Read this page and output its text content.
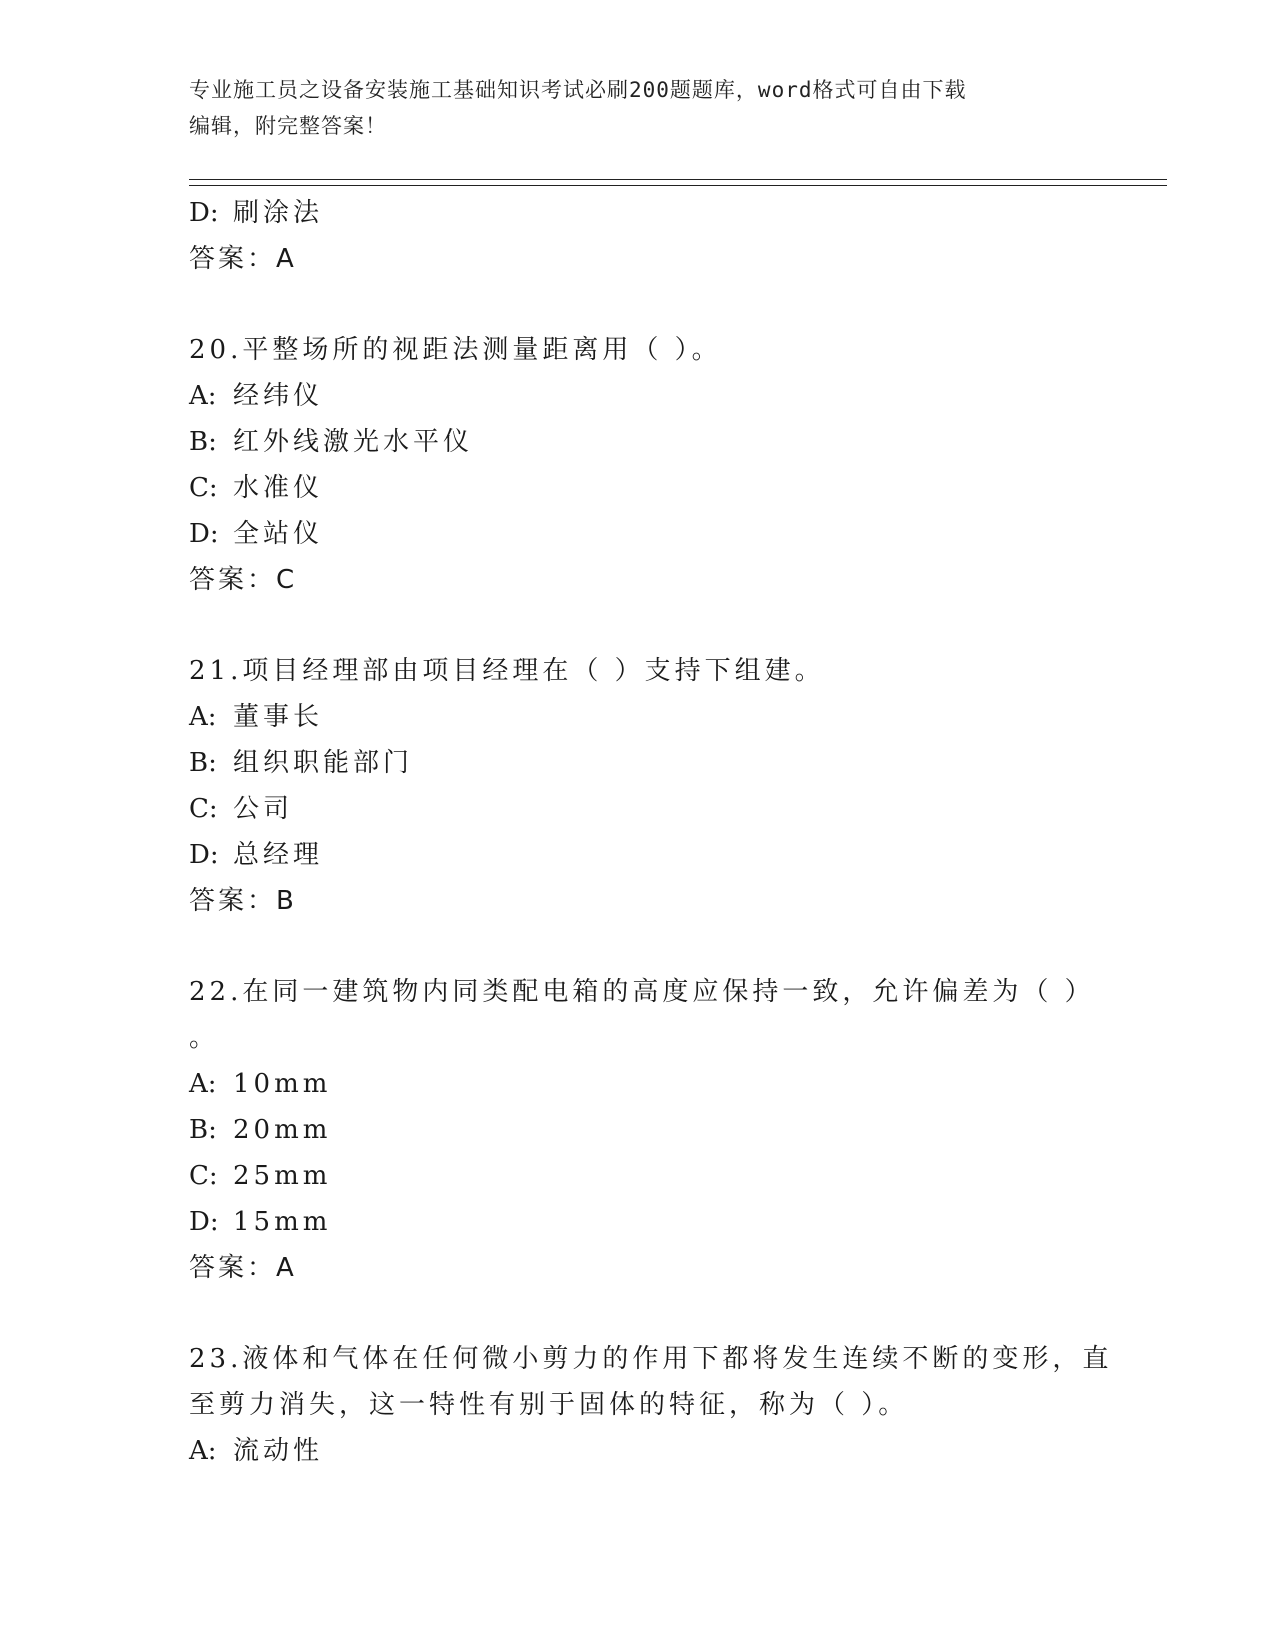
专业施工员之设备安装施工基础知识考试必刷200题题库，word格式可自由下载
编辑，附完整答案！
D: 刷涂法
答案：A
20.平整场所的视距法测量距离用（ ）。
A: 经纬仪
B: 红外线激光水平仪
C: 水准仪
D: 全站仪
答案：C
21.项目经理部由项目经理在（ ）支持下组建。
A: 董事长
B: 组织职能部门
C: 公司
D: 总经理
答案：B
22.在同一建筑物内同类配电箱的高度应保持一致，允许偏差为（ ）
。
A: 10mm
B: 20mm
C: 25mm
D: 15mm
答案：A
23.液体和气体在任何微小剪力的作用下都将发生连续不断的变形，直
至剪力消失，这一特性有别于固体的特征，称为（ ）。
A: 流动性
